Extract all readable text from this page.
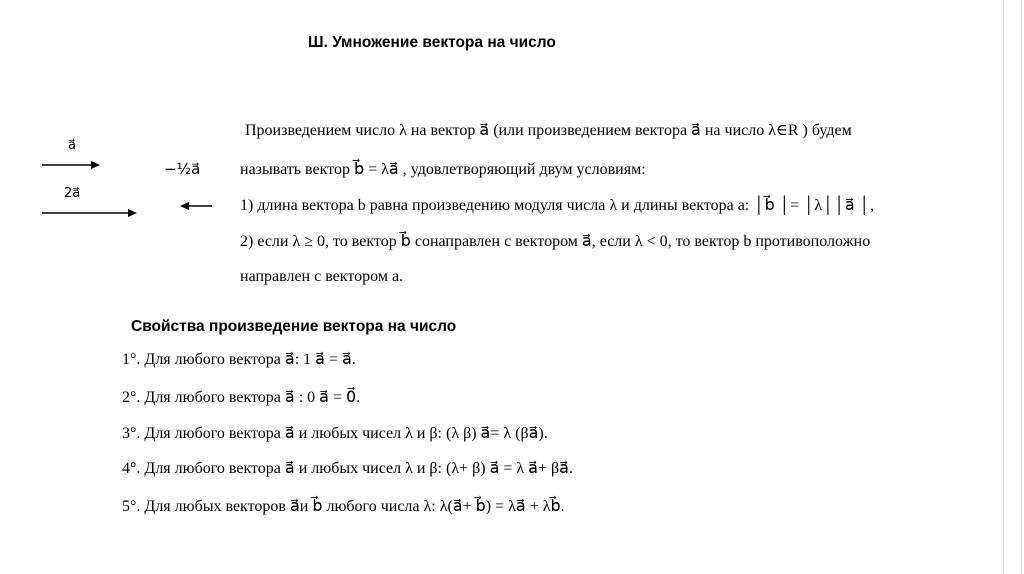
Ш. Умножение вектора на число
Произведением число λ на вектор a⃗ (или произведением вектора a⃗ на число λ∈R ) будем
называть вектор b⃗ = λa⃗ , удовлетворяющий двум условиям:
1) длина вектора b равна произведению модуля числа λ и длины вектора a: │b⃗ │= │λ││a⃗ │,
2) если λ ≥ 0, то вектор b⃗ сонаправлен с вектором a⃗, если λ < 0, то вектор b противоположно
направлен с вектором a.
a⃗
2a⃗
−½a⃗
Свойства произведение вектора на число
1°. Для любого вектора a⃗: 1 a⃗ = a⃗.
2°. Для любого вектора a⃗ : 0 a⃗ = 0⃗.
3°. Для любого вектора a⃗ и любых чисел λ и β: (λ β) a⃗= λ (βa⃗).
4°. Для любого вектора a⃗ и любых чисел λ и β: (λ+ β) a⃗ = λ a⃗+ βa⃗.
5°. Для любых векторов a⃗и b⃗ любого числа λ: λ(a⃗+ b⃗) = λa⃗ + λb⃗.
